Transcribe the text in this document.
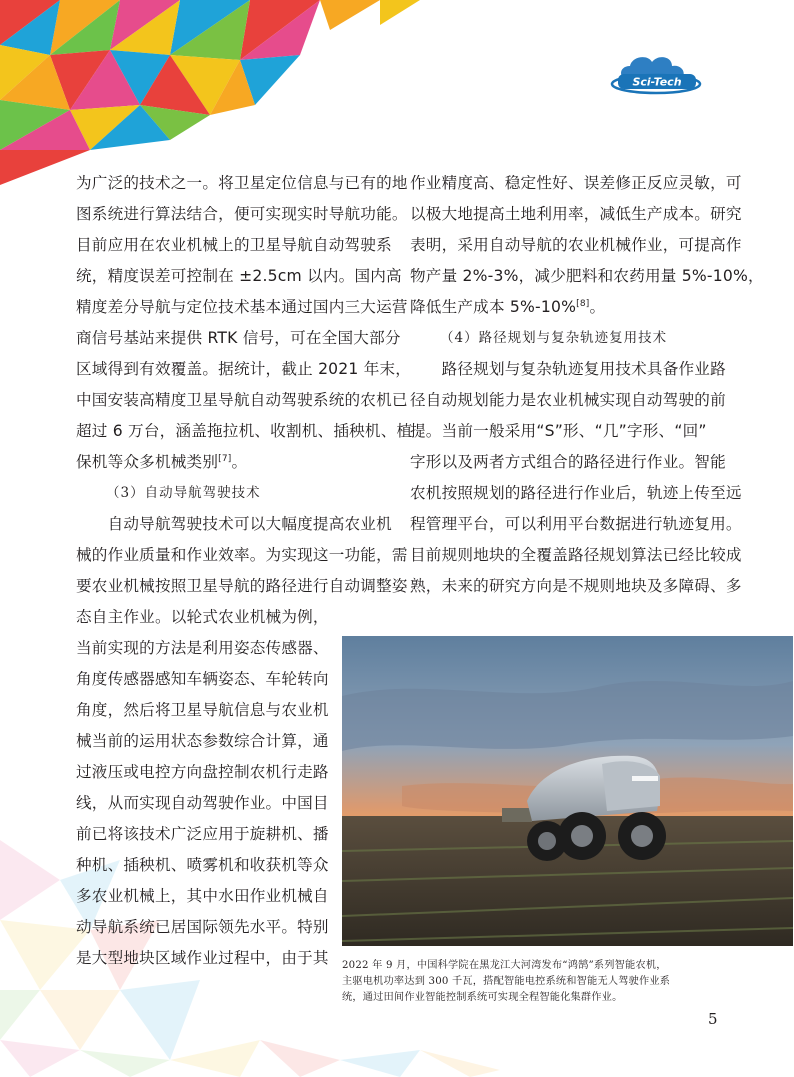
Sci-Tech
为广泛的技术之一。将卫星定位信息与已有的地
图系统进行算法结合，便可实现实时导航功能。
目前应用在农业机械上的卫星导航自动驾驶系
统，精度误差可控制在 ±2.5cm 以内。国内高
精度差分导航与定位技术基本通过国内三大运营
商信号基站来提供 RTK 信号，可在全国大部分
区域得到有效覆盖。据统计，截止 2021 年末，
中国安装高精度卫星导航自动驾驶系统的农机已
超过 6 万台，涵盖拖拉机、收割机、插秧机、植
保机等众多机械类别[7]。
（3）自动导航驾驶技术
　　自动导航驾驶技术可以大幅度提高农业机
械的作业质量和作业效率。为实现这一功能，需
要农业机械按照卫星导航的路径进行自动调整姿
态自主作业。以轮式农业机械为例，
当前实现的方法是利用姿态传感器、
角度传感器感知车辆姿态、车轮转向
角度，然后将卫星导航信息与农业机
械当前的运用状态参数综合计算，通
过液压或电控方向盘控制农机行走路
线，从而实现自动驾驶作业。中国目
前已将该技术广泛应用于旋耕机、播
种机、插秧机、喷雾机和收获机等众
多农业机械上，其中水田作业机械自
动导航系统已居国际领先水平。特别
是大型地块区域作业过程中，由于其
作业精度高、稳定性好、误差修正反应灵敏，可
以极大地提高土地利用率，减低生产成本。研究
表明，采用自动导航的农业机械作业，可提高作
物产量 2%-3%，减少肥料和农药用量 5%-10%，
降低生产成本 5%-10%[8]。
（4）路径规划与复杂轨迹复用技术
　　路径规划与复杂轨迹复用技术具备作业路
径自动规划能力是农业机械实现自动驾驶的前
提。当前一般采用“S”形、“几”字形、“回”
字形以及两者方式组合的路径进行作业。智能
农机按照规划的路径进行作业后，轨迹上传至远
程管理平台，可以利用平台数据进行轨迹复用。
目前规则地块的全覆盖路径规划算法已经比较成
熟，未来的研究方向是不规则地块及多障碍、多
2022 年 9 月，中国科学院在黑龙江大河湾发布“鸿鹄”系列智能农机，
主驱电机功率达到 300 千瓦，搭配智能电控系统和智能无人驾驶作业系
统，通过田间作业智能控制系统可实现全程智能化集群作业。
5
